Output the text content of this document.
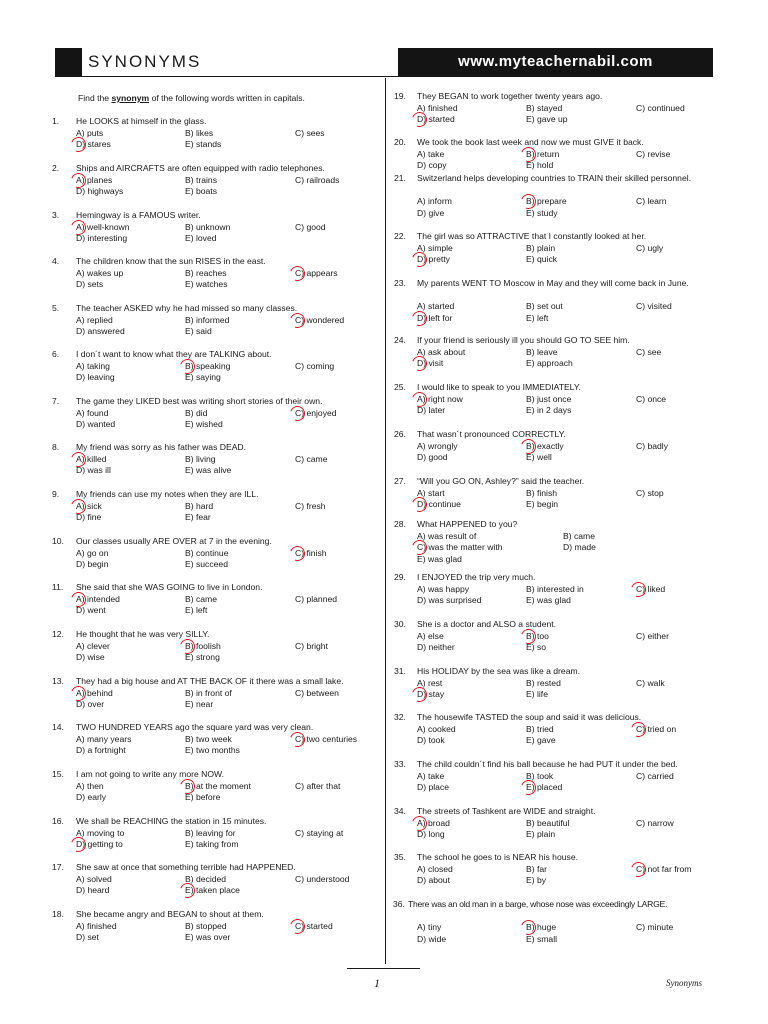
SYNONYMS	www.myteachernabil.com
Find the synonym of the following words written in capitals.
1. He LOOKS at himself in the glass.
A) puts	B) likes	C) sees
D) stares	E) stands
2. Ships and AIRCRAFTS are often equipped with radio telephones.
A) planes	B) trains	C) railroads
D) highways	E) boats
3. Hemingway is a FAMOUS writer.
A) well-known	B) unknown	C) good
D) interesting	E) loved
4. The children know that the sun RISES in the east.
A) wakes up	B) reaches	C) appears
D) sets	E) watches
5. The teacher ASKED why he had missed so many classes.
A) replied	B) informed	C) wondered
D) answered	E) said
6. I don´t want to know what they are TALKING about.
A) taking	B) speaking	C) coming
D) leaving	E) saying
7. The game they LIKED best was writing short stories of their own.
A) found	B) did	C) enjoyed
D) wanted	E) wished
8. My friend was sorry as his father was DEAD.
A) killed	B) living	C) came
D) was ill	E) was alive
9. My friends can use my notes when they are ILL.
A) sick	B) hard	C) fresh
D) fine	E) fear
10. Our classes usually ARE OVER at 7 in the evening.
A) go on	B) continue	C) finish
D) begin	E) succeed
11. She said that she WAS GOING to live in London.
A) intended	B) came	C) planned
D) went	E) left
12. He thought that he was very SILLY.
A) clever	B) foolish	C) bright
D) wise	E) strong
13. They had a big house and AT THE BACK OF it there was a small lake.
A) behind	B) in front of	C) between
D) over	E) near
14. TWO HUNDRED YEARS ago the square yard was very clean.
A) many years	B) two week	C) two centuries
D) a fortnight	E) two months
15. I am not going to write any more NOW.
A) then	B) at the moment	C) after that
D) early	E) before
16. We shall be REACHING the station in 15 minutes.
A) moving to	B) leaving for	C) staying at
D) getting to	E) taking from
17. She saw at once that something terrible had HAPPENED.
A) solved	B) decided	C) understood
D) heard	E) taken place
18. She became angry and BEGAN to shout at them.
A) finished	B) stopped	C) started
D) set	E) was over
19. They BEGAN to work together twenty years ago.
A) finished	B) stayed	C) continued
D) started	E) gave up
20. We took the book last week and now we must GIVE it back.
A) take	B) return	C) revise
D) copy	E) hold
21. Switzerland helps developing countries to TRAIN their skilled personnel.
A) inform	B) prepare	C) learn
D) give	E) study
22. The girl was so ATTRACTIVE that I constantly looked at her.
A) simple	B) plain	C) ugly
D) pretty	E) quick
23. My parents WENT TO Moscow in May and they will come back in June.
A) started	B) set out	C) visited
D) left for	E) left
24. If your friend is seriously ill you should GO TO SEE him.
A) ask about	B) leave	C) see
D) visit	E) approach
25. I would like to speak to you IMMEDIATELY.
A) right now	B) just once	C) once
D) later	E) in 2 days
26. That wasn´t pronounced CORRECTLY.
A) wrongly	B) exactly	C) badly
D) good	E) well
27. “Will you GO ON, Ashley?” said the teacher.
A) start	B) finish	C) stop
D) continue	E) begin
28. What HAPPENED to you?
A) was result of	B) came
C) was the matter with	D) made
E) was glad
29. I ENJOYED the trip very much.
A) was happy	B) interested in	C) liked
D) was surprised	E) was glad
30. She is a doctor and ALSO a student.
A) else	B) too	C) either
D) neither	E) so
31. His HOLIDAY by the sea was like a dream.
A) rest	B) rested	C) walk
D) stay	E) life
32. The housewife TASTED the soup and said it was delicious.
A) cooked	B) tried	C) tried on
D) took	E) gave
33. The child couldn´t find his ball because he had PUT it under the bed.
A) take	B) took	C) carried
D) place	E) placed
34. The streets of Tashkent are WIDE and straight.
A) broad	B) beautiful	C) narrow
D) long	E) plain
35. The school he goes to is NEAR his house.
A) closed	B) far	C) not far from
D) about	E) by
36. There was an old man in a barge, whose nose was exceedingly LARGE.
A) tiny	B) huge	C) minute
D) wide	E) small
1	Synonyms
